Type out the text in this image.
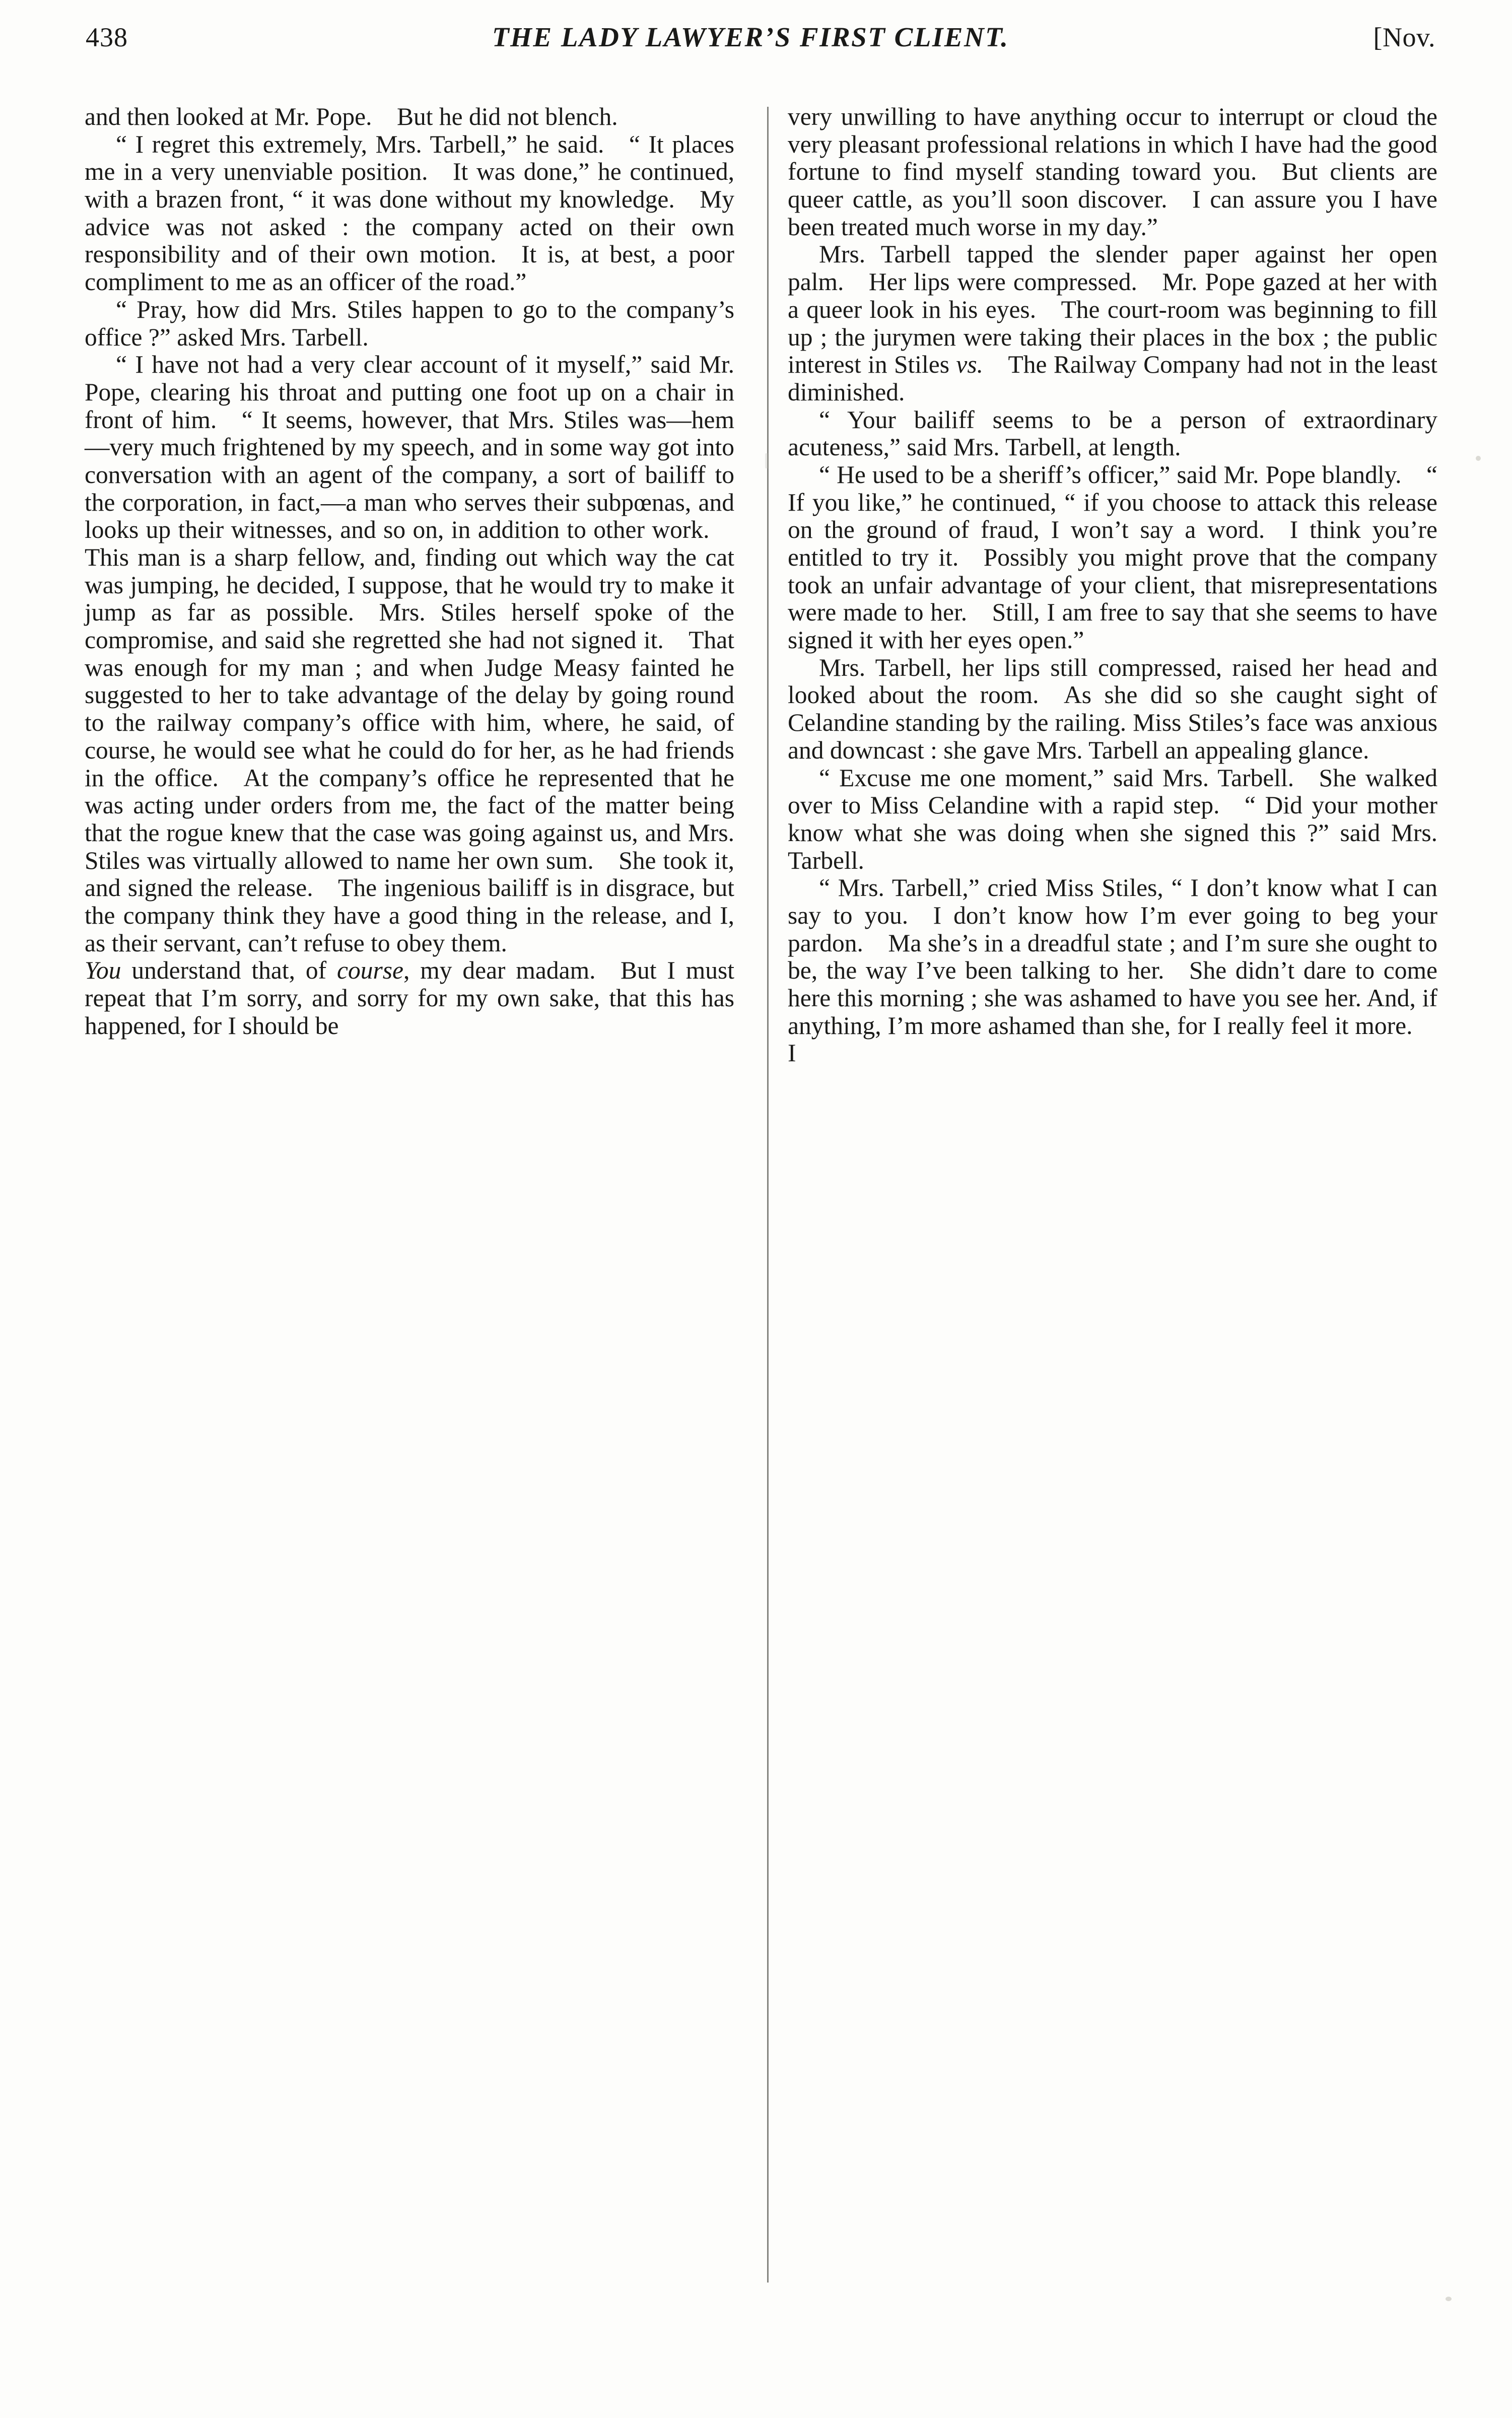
438	THE LADY LAWYER’S FIRST CLIENT.	[Nov.

and then looked at Mr. Pope. But he did not blench.

“ I regret this extremely, Mrs. Tarbell,” he said. “ It places me in a very unenviable position. It was done,” he continued, with a brazen front, “ it was done without my knowledge. My advice was not asked : the company acted on their own responsibility and of their own motion. It is, at best, a poor compliment to me as an officer of the road.”

“ Pray, how did Mrs. Stiles happen to go to the company’s office ?” asked Mrs. Tarbell.

“ I have not had a very clear account of it myself,” said Mr. Pope, clearing his throat and putting one foot up on a chair in front of him. “ It seems, however, that Mrs. Stiles was—hem—very much frightened by my speech, and in some way got into conversation with an agent of the company, a sort of bailiff to the corporation, in fact,—a man who serves their subpœnas, and looks up their witnesses, and so on, in addition to other work. This man is a sharp fellow, and, finding out which way the cat was jumping, he decided, I suppose, that he would try to make it jump as far as possible. Mrs. Stiles herself spoke of the compromise, and said she regretted she had not signed it. That was enough for my man ; and when Judge Measy fainted he suggested to her to take advantage of the delay by going round to the railway company’s office with him, where, he said, of course, he would see what he could do for her, as he had friends in the office. At the company’s office he represented that he was acting under orders from me, the fact of the matter being that the rogue knew that the case was going against us, and Mrs. Stiles was virtually allowed to name her own sum. She took it, and signed the release. The ingenious bailiff is in disgrace, but the company think they have a good thing in the release, and I, as their servant, can’t refuse to obey them.

You understand that, of course, my dear madam. But I must repeat that I’m sorry, and sorry for my own sake, that this has happened, for I should be

very unwilling to have anything occur to interrupt or cloud the very pleasant professional relations in which I have had the good fortune to find myself standing toward you. But clients are queer cattle, as you’ll soon discover. I can assure you I have been treated much worse in my day.”

Mrs. Tarbell tapped the slender paper against her open palm. Her lips were compressed. Mr. Pope gazed at her with a queer look in his eyes. The court-room was beginning to fill up ; the jurymen were taking their places in the box ; the public interest in Stiles vs. The Railway Company had not in the least diminished.

“ Your bailiff seems to be a person of extraordinary acuteness,” said Mrs. Tarbell, at length.

“ He used to be a sheriff’s officer,” said Mr. Pope blandly. “ If you like,” he continued, “ if you choose to attack this release on the ground of fraud, I won’t say a word. I think you’re entitled to try it. Possibly you might prove that the company took an unfair advantage of your client, that misrepresentations were made to her. Still, I am free to say that she seems to have signed it with her eyes open.”

Mrs. Tarbell, her lips still compressed, raised her head and looked about the room. As she did so she caught sight of Celandine standing by the railing. Miss Stiles’s face was anxious and downcast : she gave Mrs. Tarbell an appealing glance.

“ Excuse me one moment,” said Mrs. Tarbell. She walked over to Miss Celandine with a rapid step. “ Did your mother know what she was doing when she signed this ?” said Mrs. Tarbell.

“ Mrs. Tarbell,” cried Miss Stiles, “ I don’t know what I can say to you. I don’t know how I’m ever going to beg your pardon. Ma she’s in a dreadful state ; and I’m sure she ought to be, the way I’ve been talking to her. She didn’t dare to come here this morning ; she was ashamed to have you see her. And, if anything, I’m more ashamed than she, for I really feel it more. I
